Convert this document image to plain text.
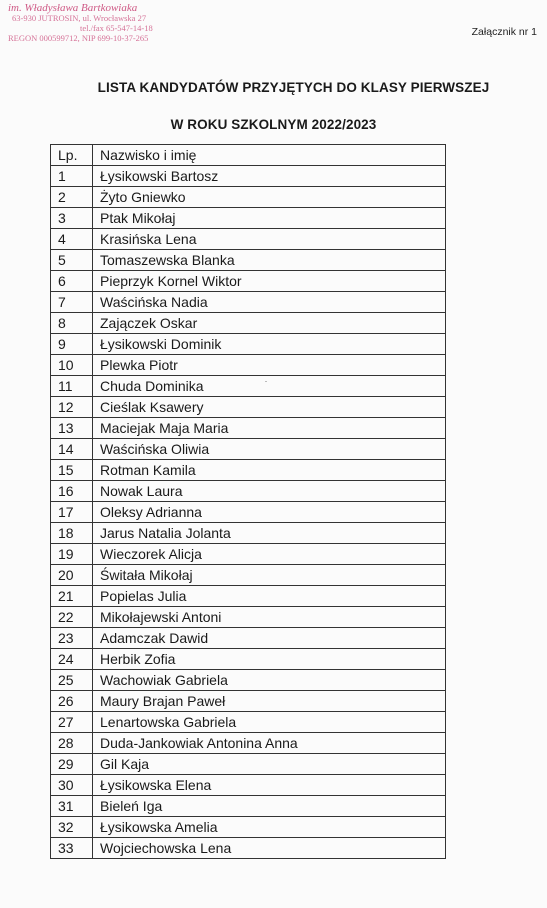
im. Władysława Bartkowiaka
63-930 JUTROSIN, ul. Wrocławska 27
tel./fax 65-547-14-18
REGON 000599712, NIP 699-10-37-265	Załącznik nr 1
LISTA KANDYDATÓW PRZYJĘTYCH DO KLASY PIERWSZEJ
W ROKU SZKOLNYM 2022/2023
Lp.	Nazwisko i imię
1	Łysikowski Bartosz
2	Żyto Gniewko
3	Ptak Mikołaj
4	Krasińska Lena
5	Tomaszewska Blanka
6	Pieprzyk Kornel Wiktor
7	Waścińska Nadia
8	Zajączek Oskar
9	Łysikowski Dominik
10	Plewka Piotr
11	Chuda Dominika
12	Cieślak Ksawery
13	Maciejak Maja Maria
14	Waścińska Oliwia
15	Rotman Kamila
16	Nowak Laura
17	Oleksy Adrianna
18	Jarus Natalia Jolanta
19	Wieczorek Alicja
20	Świtała Mikołaj
21	Popielas Julia
22	Mikołajewski Antoni
23	Adamczak Dawid
24	Herbik Zofia
25	Wachowiak Gabriela
26	Maury Brajan Paweł
27	Lenartowska Gabriela
28	Duda-Jankowiak Antonina Anna
29	Gil Kaja
30	Łysikowska Elena
31	Bieleń Iga
32	Łysikowska Amelia
33	Wojciechowska Lena
